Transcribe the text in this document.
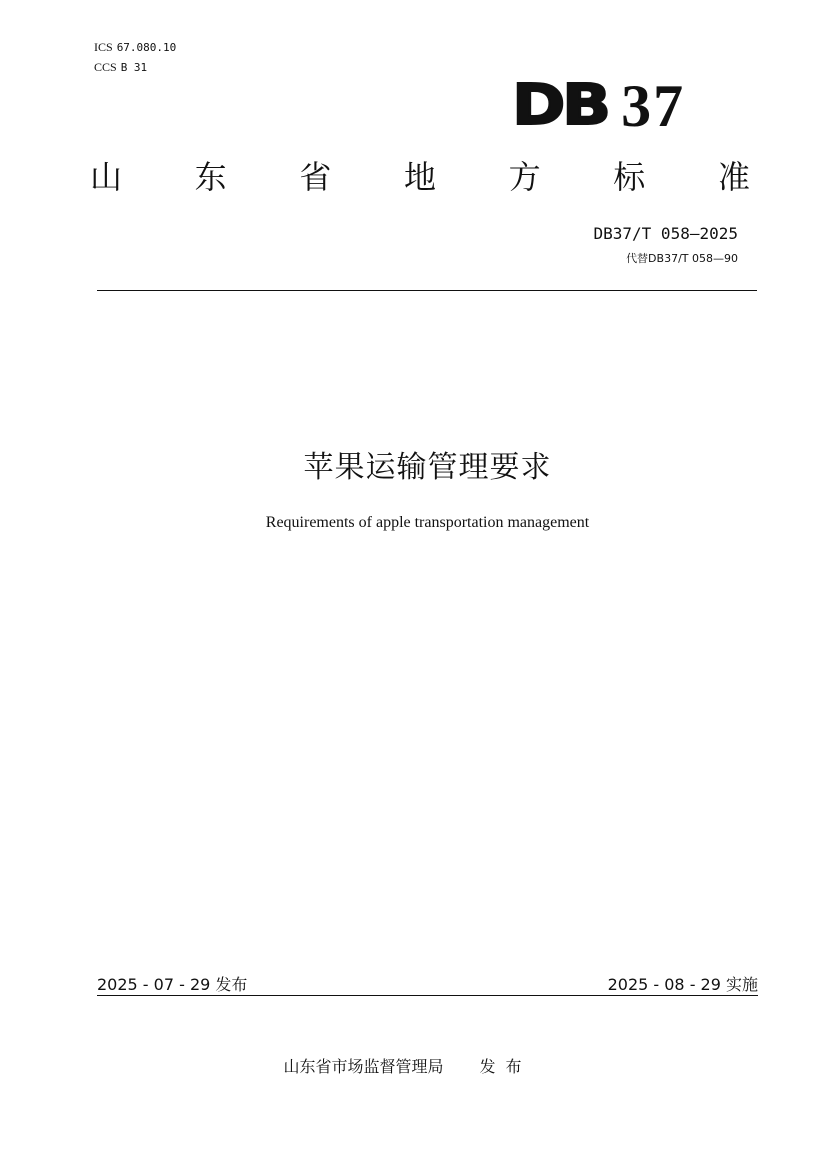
ICS 67.080.10
CCS B 31
DB 37
山 东 省 地 方 标 准
DB37/T 058—2025
代替DB37/T 058—90
苹果运输管理要求
Requirements of apple transportation management
2025 - 07 - 29 发布	2025 - 08 - 29 实施
山东省市场监督管理局 发布
